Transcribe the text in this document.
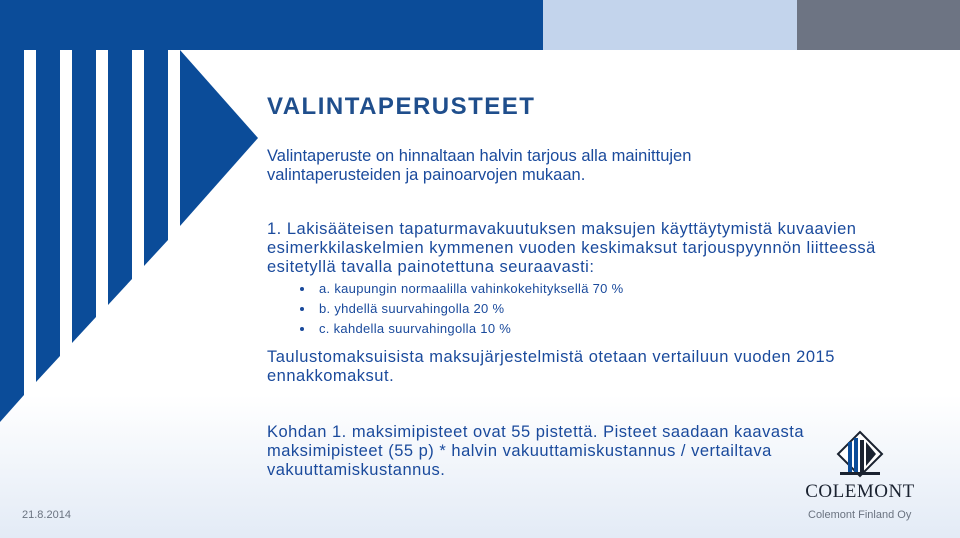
VALINTAPERUSTEET

Valintaperuste on hinnaltaan halvin tarjous alla mainittujen valintaperusteiden ja painoarvojen mukaan.

1. Lakisääteisen tapaturmavakuutuksen maksujen käyttäytymistä kuvaavien esimerkkilaskelmien kymmenen vuoden keskimaksut tarjouspyynnön liitteessä esitetyllä tavalla painotettuna seuraavasti:

a. kaupungin normaalilla vahinkokehityksellä 70 %
b. yhdellä suurvahingolla 20 %
c. kahdella suurvahingolla 10 %

Taulustomaksuisista maksujärjestelmistä otetaan vertailuun vuoden 2015 ennakkomaksut.

Kohdan 1. maksimipisteet ovat 55 pistettä. Pisteet saadaan kaavasta maksimipisteet (55 p) * halvin vakuuttamiskustannus / vertailtava vakuuttamiskustannus.

COLEMONT
21.8.2014	Colemont Finland Oy
